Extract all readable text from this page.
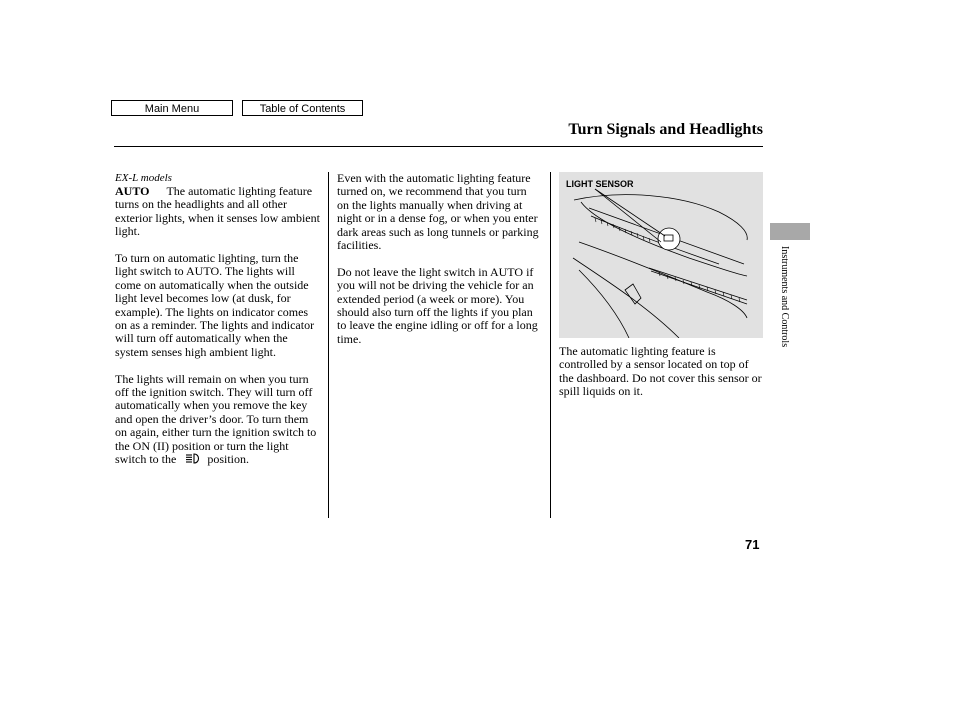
Main Menu	Table of Contents
Turn Signals and Headlights
EX-L models

AUTO The automatic lighting feature turns on the headlights and all other exterior lights, when it senses low ambient light.

To turn on automatic lighting, turn the light switch to AUTO. The lights will come on automatically when the outside light level becomes low (at dusk, for example). The lights on indicator comes on as a reminder. The lights and indicator will turn off automatically when the system senses high ambient light.

The lights will remain on when you turn off the ignition switch. They will turn off automatically when you remove the key and open the driver’s door. To turn them on again, either turn the ignition switch to the ON (II) position or turn the light switch to the	position.

Even with the automatic lighting feature turned on, we recommend that you turn on the lights manually when driving at night or in a dense fog, or when you enter dark areas such as long tunnels or parking facilities.

Do not leave the light switch in AUTO if you will not be driving the vehicle for an extended period (a week or more). You should also turn off the lights if you plan to leave the engine idling or off for a long time.

LIGHT SENSOR

The automatic lighting feature is controlled by a sensor located on top of the dashboard. Do not cover this sensor or spill liquids on it.

Instruments and Controls
71
